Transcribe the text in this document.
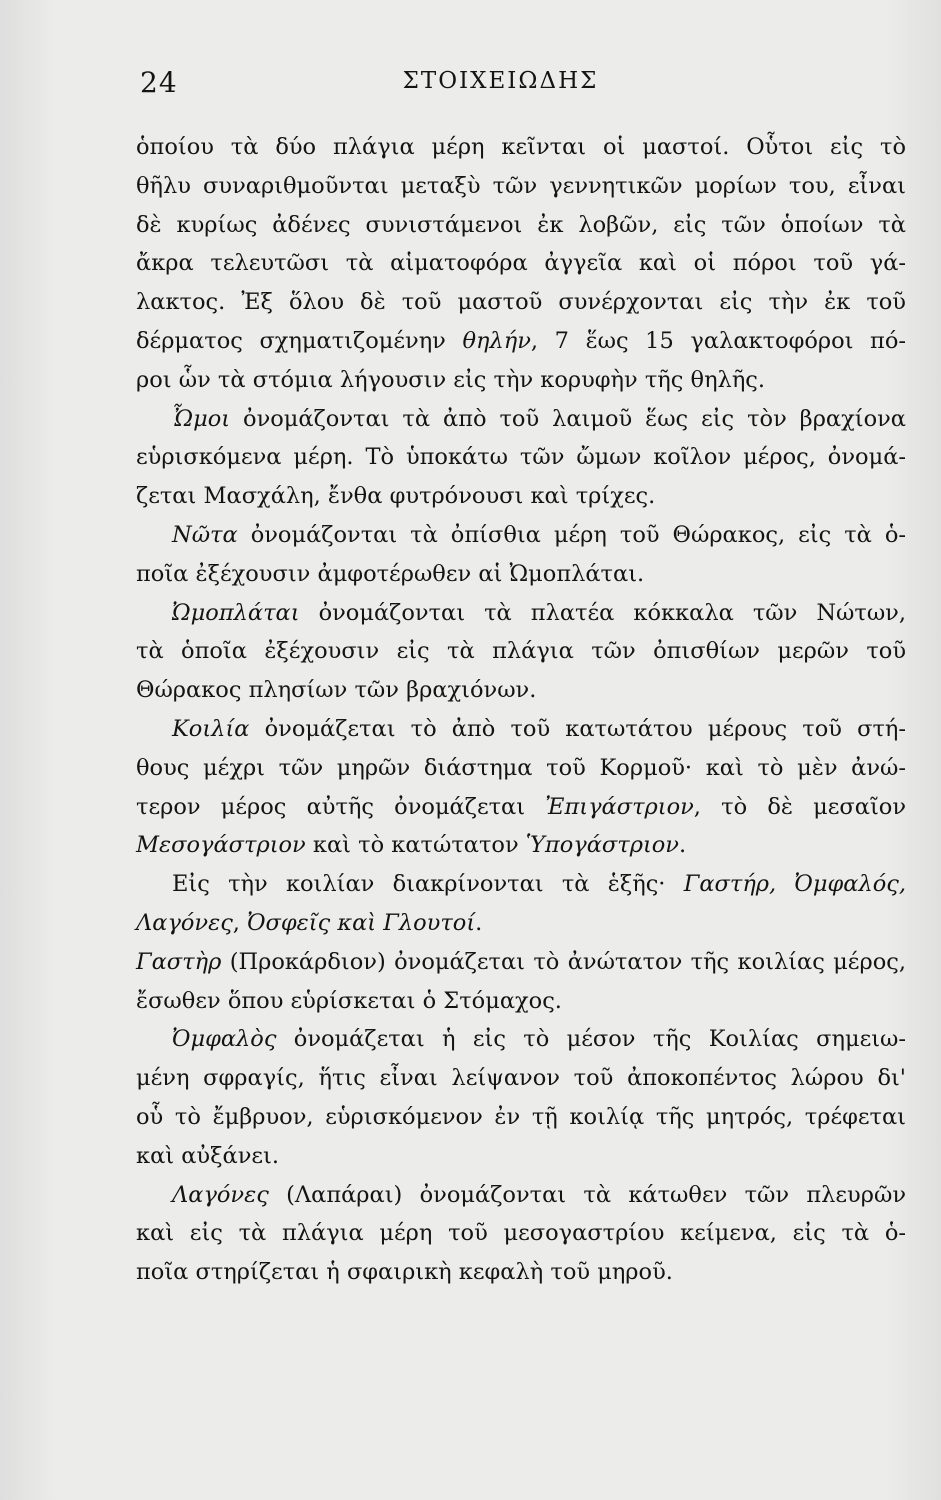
24	ΣΤΟΙΧΕΙΩΔΗΣ
ὁποίου τὰ δύο πλάγια μέρη κεῖνται οἱ μαστοί. Οὗτοι εἰς τὸ
θῆλυ συναριθμοῦνται μεταξὺ τῶν γεννητικῶν μορίων του, εἶναι
δὲ κυρίως ἀδένες συνιστάμενοι ἐκ λοβῶν, εἰς τῶν ὁποίων τὰ
ἄκρα τελευτῶσι τὰ αἱματοφόρα ἀγγεῖα καὶ οἱ πόροι τοῦ γά-
λακτος. Ἐξ ὅλου δὲ τοῦ μαστοῦ συνέρχονται εἰς τὴν ἐκ τοῦ
δέρματος σχηματιζομένην θηλήν, 7 ἕως 15 γαλακτοφόροι πό-
ροι ὧν τὰ στόμια λήγουσιν εἰς τὴν κορυφὴν τῆς θηλῆς.
Ὦμοι ὀνομάζονται τὰ ἀπὸ τοῦ λαιμοῦ ἕως εἰς τὸν βραχίονα
εὑρισκόμενα μέρη. Τὸ ὑποκάτω τῶν ὤμων κοῖλον μέρος, ὀνομά-
ζεται Μασχάλη, ἔνθα φυτρόνουσι καὶ τρίχες.
Νῶτα ὀνομάζονται τὰ ὀπίσθια μέρη τοῦ Θώρακος, εἰς τὰ ὁ-
ποῖα ἐξέχουσιν ἀμφοτέρωθεν αἱ Ὠμοπλάται.
Ὠμοπλάται ὀνομάζονται τὰ πλατέα κόκκαλα τῶν Νώτων,
τὰ ὁποῖα ἐξέχουσιν εἰς τὰ πλάγια τῶν ὀπισθίων μερῶν τοῦ
Θώρακος πλησίων τῶν βραχιόνων.
Κοιλία ὀνομάζεται τὸ ἀπὸ τοῦ κατωτάτου μέρους τοῦ στή-
θους μέχρι τῶν μηρῶν διάστημα τοῦ Κορμοῦ· καὶ τὸ μὲν ἀνώ-
τερον μέρος αὐτῆς ὀνομάζεται Ἐπιγάστριον, τὸ δὲ μεσαῖον
Μεσογάστριον καὶ τὸ κατώτατον Ὑπογάστριον.
Εἰς τὴν κοιλίαν διακρίνονται τὰ ἑξῆς· Γαστήρ, Ὀμφαλός,
Λαγόνες, Ὀσφεῖς καὶ Γλουτοί.
Γαστὴρ (Προκάρδιον) ὀνομάζεται τὸ ἀνώτατον τῆς κοιλίας μέρος,
ἔσωθεν ὅπου εὑρίσκεται ὁ Στόμαχος.
Ὀμφαλὸς ὀνομάζεται ἡ εἰς τὸ μέσον τῆς Κοιλίας σημειω-
μένη σφραγίς, ἥτις εἶναι λείψανον τοῦ ἀποκοπέντος λώρου δι'
οὗ τὸ ἔμβρυον, εὑρισκόμενον ἐν τῇ κοιλίᾳ τῆς μητρός, τρέφεται
καὶ αὐξάνει.
Λαγόνες (Λαπάραι) ὀνομάζονται τὰ κάτωθεν τῶν πλευρῶν
καὶ εἰς τὰ πλάγια μέρη τοῦ μεσογαστρίου κείμενα, εἰς τὰ ὁ-
ποῖα στηρίζεται ἡ σφαιρικὴ κεφαλὴ τοῦ μηροῦ.
